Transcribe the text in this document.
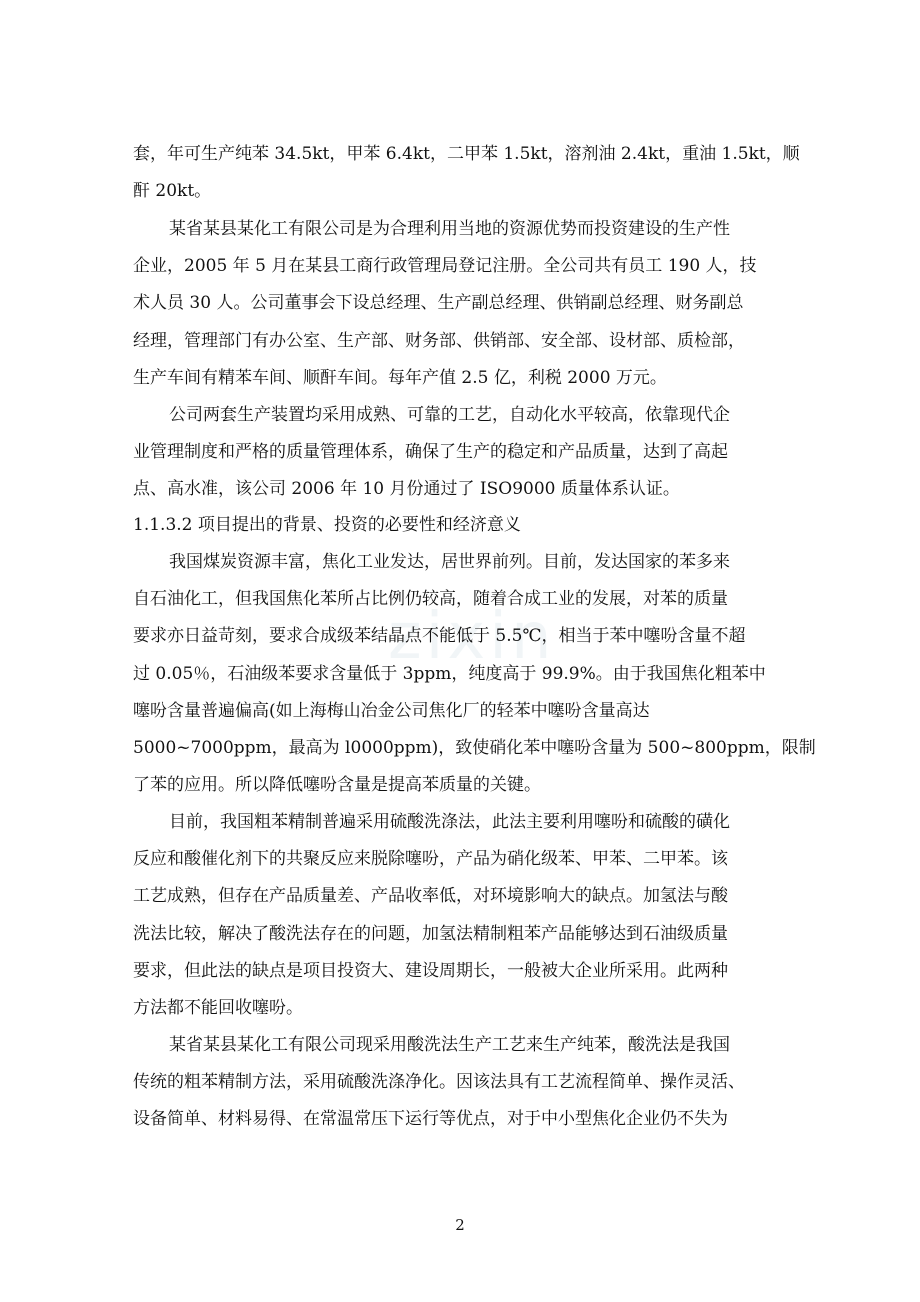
zixin
套，年可生产纯苯 34.5kt，甲苯 6.4kt，二甲苯 1.5kt，溶剂油 2.4kt，重油 1.5kt，顺
酐 20kt。
某省某县某化工有限公司是为合理利用当地的资源优势而投资建设的生产性
企业，2005 年 5 月在某县工商行政管理局登记注册。全公司共有员工 190 人，技
术人员 30 人。公司董事会下设总经理、生产副总经理、供销副总经理、财务副总
经理，管理部门有办公室、生产部、财务部、供销部、安全部、设材部、质检部，
生产车间有精苯车间、顺酐车间。每年产值 2.5 亿，利税 2000 万元。
公司两套生产装置均采用成熟、可靠的工艺，自动化水平较高，依靠现代企
业管理制度和严格的质量管理体系，确保了生产的稳定和产品质量，达到了高起
点、高水准，该公司 2006 年 10 月份通过了 ISO9000 质量体系认证。
1.1.3.2 项目提出的背景、投资的必要性和经济意义
我国煤炭资源丰富，焦化工业发达，居世界前列。目前，发达国家的苯多来
自石油化工，但我国焦化苯所占比例仍较高，随着合成工业的发展，对苯的质量
要求亦日益苛刻，要求合成级苯结晶点不能低于 5.5℃，相当于苯中噻吩含量不超
过 0.05％，石油级苯要求含量低于 3ppm，纯度高于 99.9%。由于我国焦化粗苯中
噻吩含量普遍偏高(如上海梅山冶金公司焦化厂的轻苯中噻吩含量高达
5000~7000ppm，最高为 l0000ppm)，致使硝化苯中噻吩含量为 500~800ppm，限制
了苯的应用。所以降低噻吩含量是提高苯质量的关键。
目前，我国粗苯精制普遍采用硫酸洗涤法，此法主要利用噻吩和硫酸的磺化
反应和酸催化剂下的共聚反应来脱除噻吩，产品为硝化级苯、甲苯、二甲苯。该
工艺成熟，但存在产品质量差、产品收率低，对环境影响大的缺点。加氢法与酸
洗法比较，解决了酸洗法存在的问题，加氢法精制粗苯产品能够达到石油级质量
要求，但此法的缺点是项目投资大、建设周期长，一般被大企业所采用。此两种
方法都不能回收噻吩。
某省某县某化工有限公司现采用酸洗法生产工艺来生产纯苯，酸洗法是我国
传统的粗苯精制方法，采用硫酸洗涤净化。因该法具有工艺流程简单、操作灵活、
设备简单、材料易得、在常温常压下运行等优点，对于中小型焦化企业仍不失为
2
